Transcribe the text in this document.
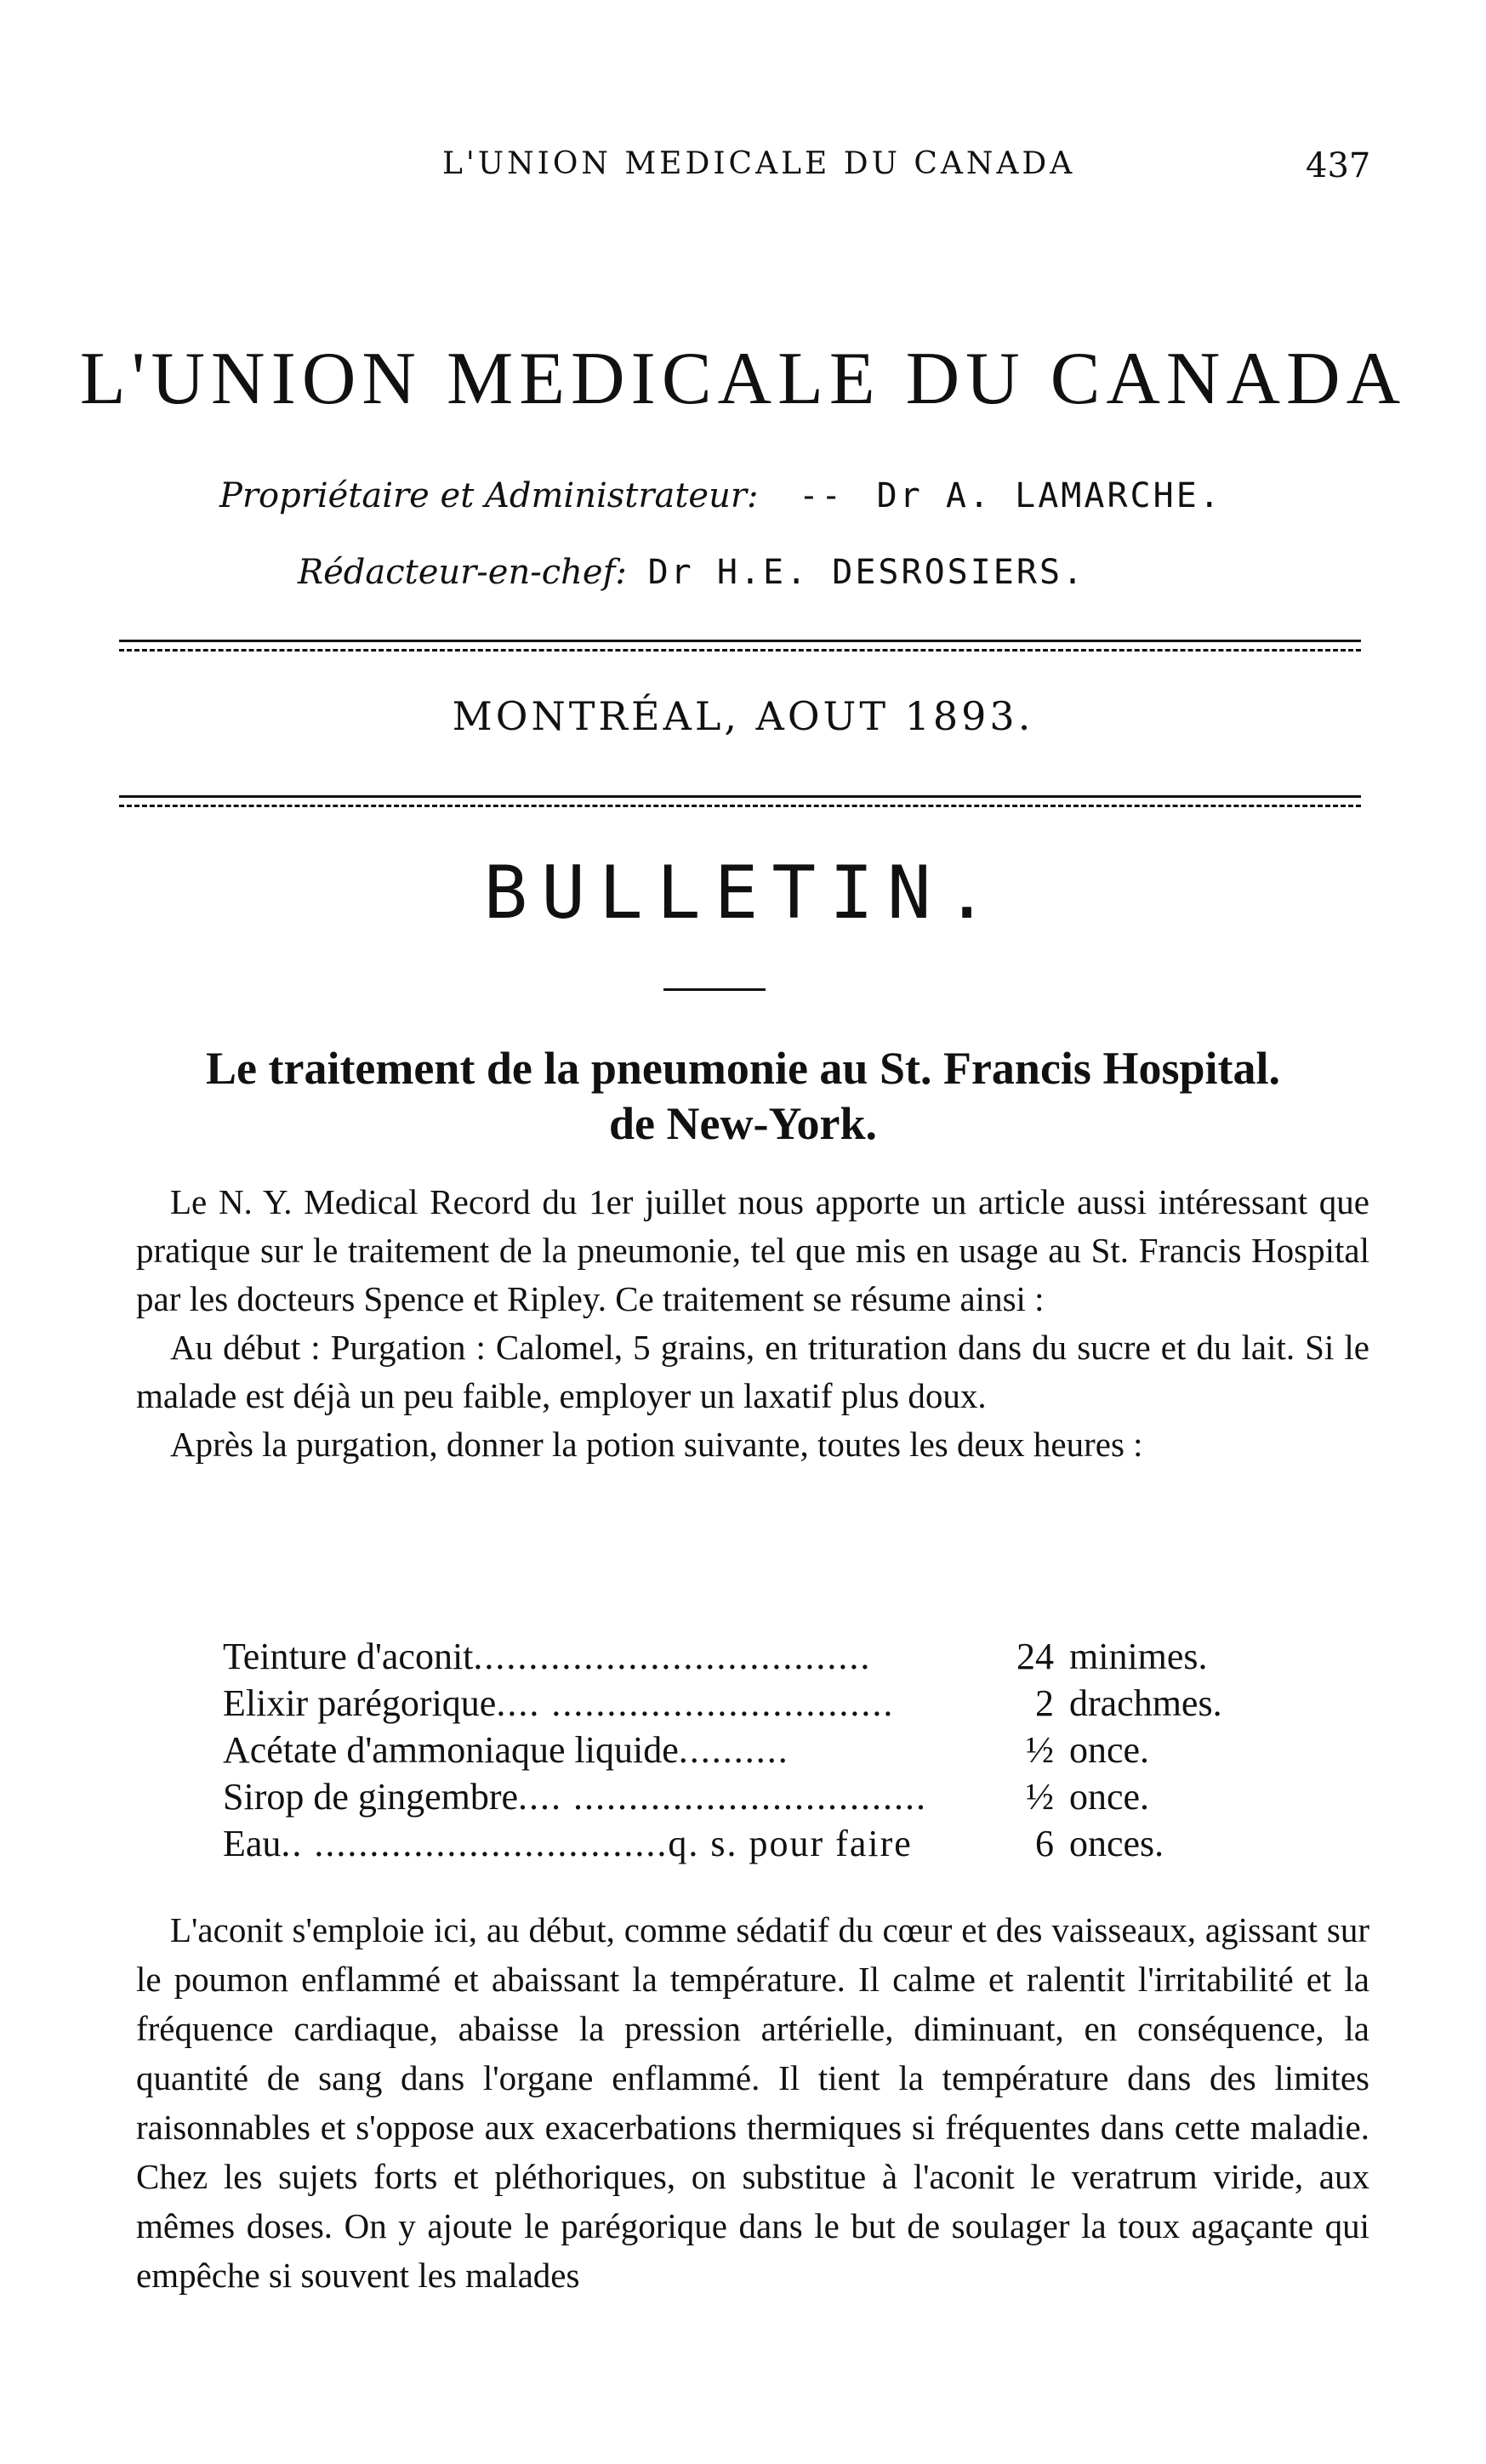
L'UNION MEDICALE DU CANADA	437
L'UNION MEDICALE DU CANADA
Propriétaire et Administrateur: - - Dr A. LAMARCHE.
Rédacteur-en-chef: Dr H.E. DESROSIERS.
MONTRÉAL, AOUT 1893.
BULLETIN.
Le traitement de la pneumonie au St. Francis Hospital.
de New-York.

Le N. Y. Medical Record du 1er juillet nous apporte un article aussi intéressant que pratique sur le traitement de la pneumonie, tel que mis en usage au St. Francis Hospital par les docteurs Spence et Ripley. Ce traitement se résume ainsi :

Au début : Purgation : Calomel, 5 grains, en trituration dans du sucre et du lait. Si le malade est déjà un peu faible, employer un laxatif plus doux.

Après la purgation, donner la potion suivante, toutes les deux heures :

Teinture d'aconit....................................	24 minimes.
Elixir parégorique.... ...............................	2 drachmes.
Acétate d'ammoniaque liquide..........	½ once.
Sirop de gingembre.... ................................	½ once.
Eau.. ................................q. s. pour faire	6 onces.

L'aconit s'emploie ici, au début, comme sédatif du cœur et des vaisseaux, agissant sur le poumon enflammé et abaissant la température. Il calme et ralentit l'irritabilité et la fréquence cardiaque, abaisse la pression artérielle, diminuant, en conséquence, la quantité de sang dans l'organe enflammé. Il tient la température dans des limites raisonnables et s'oppose aux exacerbations thermiques si fréquentes dans cette maladie. Chez les sujets forts et pléthoriques, on substitue à l'aconit le veratrum viride, aux mêmes doses. On y ajoute le parégorique dans le but de soulager la toux agaçante qui empêche si souvent les malades
